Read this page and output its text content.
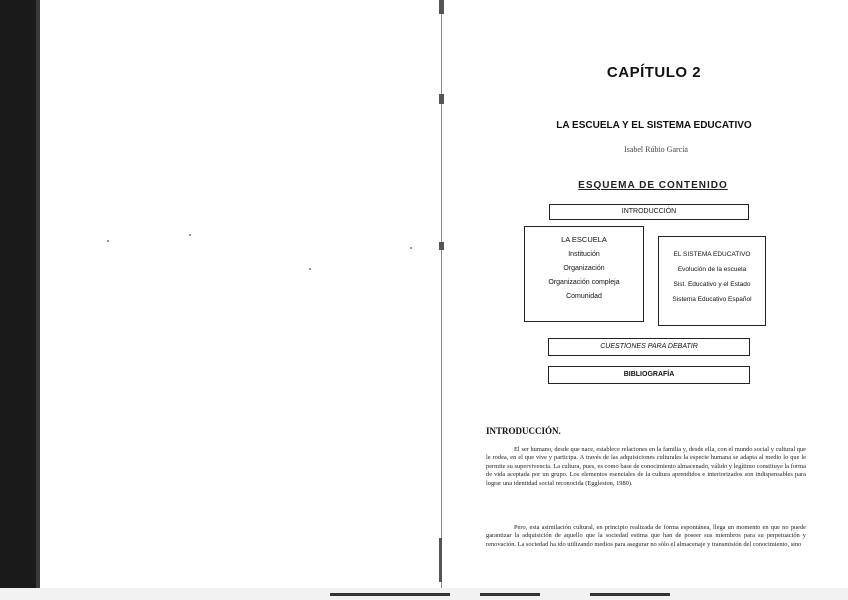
CAPÍTULO 2
LA ESCUELA Y EL SISTEMA EDUCATIVO
Isabel Rúbio García
ESQUEMA DE CONTENIDO
INTRODUCCIÓN
LA ESCUELA
Institución
Organización
Organización compleja
Comunidad
EL SISTEMA EDUCATIVO
Evolución de la escuela
Sist. Educativo y el Estado
Sistema Educativo Español
CUESTIONES PARA DEBATIR
BIBLIOGRAFÍA
INTRODUCCIÓN.
El ser humano, desde que nace, establece relaciones en la familia y, desde ella, con el mundo social y cultural que le rodea, en el que vive y participa. A través de las adquisiciones culturales la especie humana se adapta al medio lo que le permite su supervivencia. La cultura, pues, es como base de conocimiento almacenado, válido y legítimo constituye la forma de vida aceptada por un grupo. Los elementos esenciales de la cultura aprendidos e interiorizados son indispensables para lograr una identidad social reconocida (Eggleston, 1980).
Pero, esta asimilación cultural, en principio realizada de forma espontánea, llega un momento en que no puede garantizar la adquisición de aquello que la sociedad estima que han de poseer sus miembros para su perpetuación y renovación. La sociedad ha ido utilizando medios para asegurar no sólo el almacenaje y transmisión del conocimiento, sino
